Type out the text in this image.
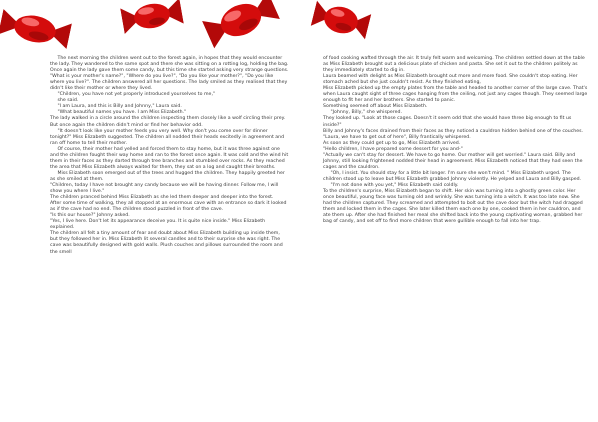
The next morning the children went out to the forest again, in hopes that they would encounter the lady. They wandered to the same spot and there she was sitting on a rotting log, holding the bag. Once again the lady gave them some candy, but this time she started asking very strange questions. "What is your mother's name?", "Where do you live?", "Do you like your mother?", "Do you like where you live?". The children answered all her questions. The lady smiled as they realised that they didn't like their mother or where they lived.

"Children, you have not yet properly introduced yourselves to me,"

she said.

"I am Laura, and this is Billy and Johnny," Laura said.

"What beautiful names you have. I am Miss Elizabeth."

The lady walked in a circle around the children inspecting them closely like a wolf circling their prey. But once again the children didn't mind or find her behavior odd.

"It doesn't look like your mother feeds you very well. Why don't you come over for dinner tonight?" Miss Elizabeth suggested. The children all nodded their heads excitedly in agreement and ran off home to tell their mother.

Of course, their mother had yelled and forced them to stay home, but it was three against one and the children fought their way home and ran to the forest once again. It was cold and the wind hit them in their faces as they darted through tree branches and stumbled over rocks. As they reached the area that Miss Elizabeth always waited for them, they sat on a log and caught their breaths.

Miss Elizabeth soon emerged out of the trees and hugged the children. They happily greeted her as she smiled at them.

"Children, today I have not brought any candy because we will be having dinner. Follow me, I will show you where I live."

The children pranced behind Miss Elizabeth as she led them deeper and deeper into the forest.

After some time of walking, they all stopped at an enormous cave with an entrance so dark it looked as if the cave had no end. The children stood puzzled in front of the cave.

"Is this our house?" Johnny asked.

"Yes, I live here. Don't let its appearance deceive you. It is quite nice inside." Miss Elizabeth explained.

The children all felt a tiny amount of fear and doubt about Miss Elizabeth building up inside them, but they followed her in. Miss Elizabeth lit several candles and to their surprise she was right. The cave was beautifully designed with gold walls. Plush couches and pillows surrounded the room and the smell

of food cooking wafted through the air. It truly felt warm and welcoming. The children settled down at the table as Miss Elizabeth brought out a delicious plate of chicken and pasta. She set it out to the children politely as they immediately started to dig in.

Laura beamed with delight as Miss Elizabeth brought out more and more food. She couldn't stop eating. Her stomach ached but she just couldn't resist. As they finished eating,

Miss Elizabeth picked up the empty plates from the table and headed to another corner of the large cave. That's when Laura caught sight of three cages hanging from the ceiling, not just any cages though. They seemed large enough to fit her and her brothers. She started to panic.

Something seemed off about Miss Elizabeth.

"Johnny, Billy," she whispered.

They looked up. "Look at those cages. Doesn't it seem odd that she would have three big enough to fit us inside?"

Billy and Johnny's faces drained from their faces as they noticed a cauldron hidden behind one of the couches.

"Laura, we have to get out of here", Billy frantically whispered.

As soon as they could get up to go, Miss Elizabeth arrived.

"Hello children, I have prepared some dessert for you and-"

"Actually we can't stay for dessert. We have to go home. Our mother will get worried." Laura said. Billy and Johnny, still looking frightened nodded their head in agreement. Miss Elizabeth noticed that they had seen the cages and the cauldron.

"Oh, I insist. You should stay for a little bit longer. I'm sure she won't mind. " Miss Elizabeth urged. The children stood up to leave but Miss Elizabeth grabbed Johnny violently. He yelped and Laura and Billy gasped.

"I'm not done with you yet," Miss Elizabeth said coldly.

To the children's surprise, Miss Elizabeth began to shift. Her skin was turning into a ghostly green color. Her once beautiful, young face was turning old and wrinkly. She was turning into a witch. It was too late now. She had the children captured. They screamed and attempted to bolt out the cave door but the witch had dragged them and locked them in the cages. She later killed them each one by one, cooked them in her cauldron, and ate them up. After she had finished her meal she shifted back into the young captivating woman, grabbed her bag of candy, and set off to find more children that were gullible enough to fall into her trap.
